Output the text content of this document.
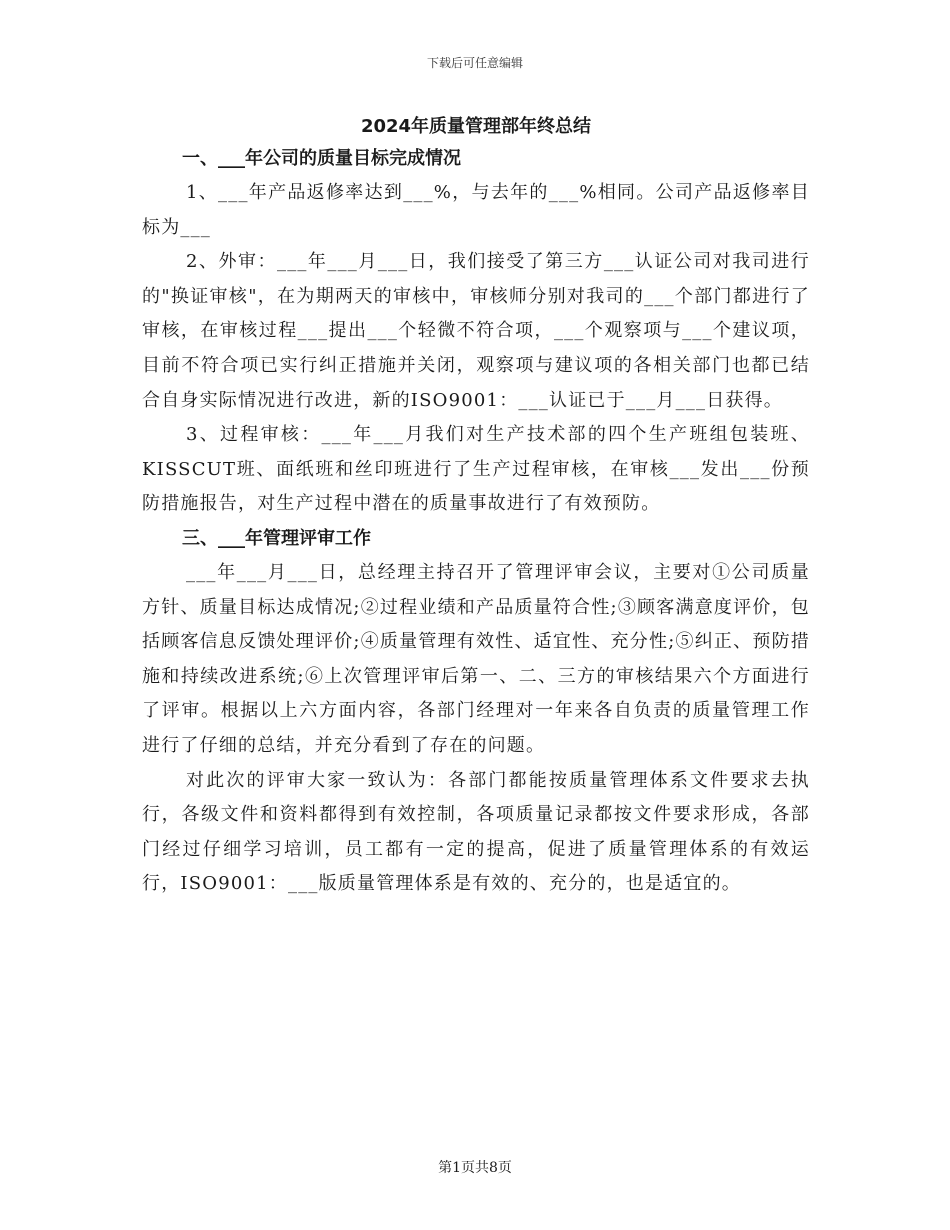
下载后可任意编辑
2024年质量管理部年终总结
一、___年公司的质量目标完成情况

1、___年产品返修率达到___%，与去年的___%相同。公司产品返修率目标为___

2、外审：___年___月___日，我们接受了第三方___认证公司对我司进行的"换证审核"，在为期两天的审核中，审核师分别对我司的___个部门都进行了审核，在审核过程___提出___个轻微不符合项，___个观察项与___个建议项，目前不符合项已实行纠正措施并关闭，观察项与建议项的各相关部门也都已结合自身实际情况进行改进，新的ISO9001：___认证已于___月___日获得。

3、过程审核：___年___月我们对生产技术部的四个生产班组包装班、KISSCUT班、面纸班和丝印班进行了生产过程审核，在审核___发出___份预防措施报告，对生产过程中潜在的质量事故进行了有效预防。

三、___年管理评审工作

___年___月___日，总经理主持召开了管理评审会议，主要对①公司质量方针、质量目标达成情况;②过程业绩和产品质量符合性;③顾客满意度评价，包括顾客信息反馈处理评价;④质量管理有效性、适宜性、充分性;⑤纠正、预防措施和持续改进系统;⑥上次管理评审后第一、二、三方的审核结果六个方面进行了评审。根据以上六方面内容，各部门经理对一年来各自负责的质量管理工作进行了仔细的总结，并充分看到了存在的问题。

对此次的评审大家一致认为：各部门都能按质量管理体系文件要求去执行，各级文件和资料都得到有效控制，各项质量记录都按文件要求形成，各部门经过仔细学习培训，员工都有一定的提高，促进了质量管理体系的有效运行，ISO9001：___版质量管理体系是有效的、充分的，也是适宜的。

第1页共8页
